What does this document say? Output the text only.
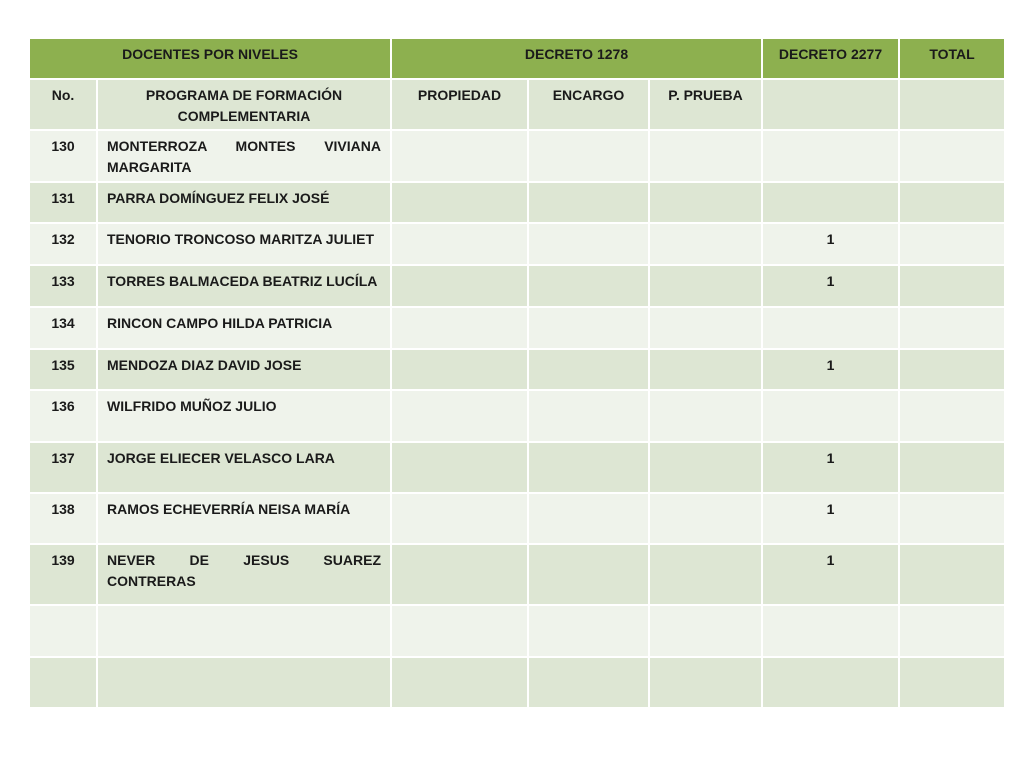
DOCENTES POR NIVELES		DECRETO 1278			DECRETO 2277	TOTAL
No.	PROGRAMA DE FORMACIÓN COMPLEMENTARIA	PROPIEDAD	ENCARGO	P. PRUEBA		
130	MONTERROZA MONTES VIVIANA MARGARITA					
131	PARRA DOMÍNGUEZ FELIX JOSÉ					
132	TENORIO TRONCOSO MARITZA JULIET				1	
133	TORRES BALMACEDA BEATRIZ LUCÍLA				1	
134	RINCON CAMPO HILDA PATRICIA					
135	MENDOZA DIAZ DAVID JOSE				1	
136	WILFRIDO MUÑOZ JULIO					
137	JORGE ELIECER VELASCO LARA				1	
138	RAMOS ECHEVERRÍA NEISA MARÍA				1	
139	NEVER DE JESUS SUAREZ CONTRERAS				1	
